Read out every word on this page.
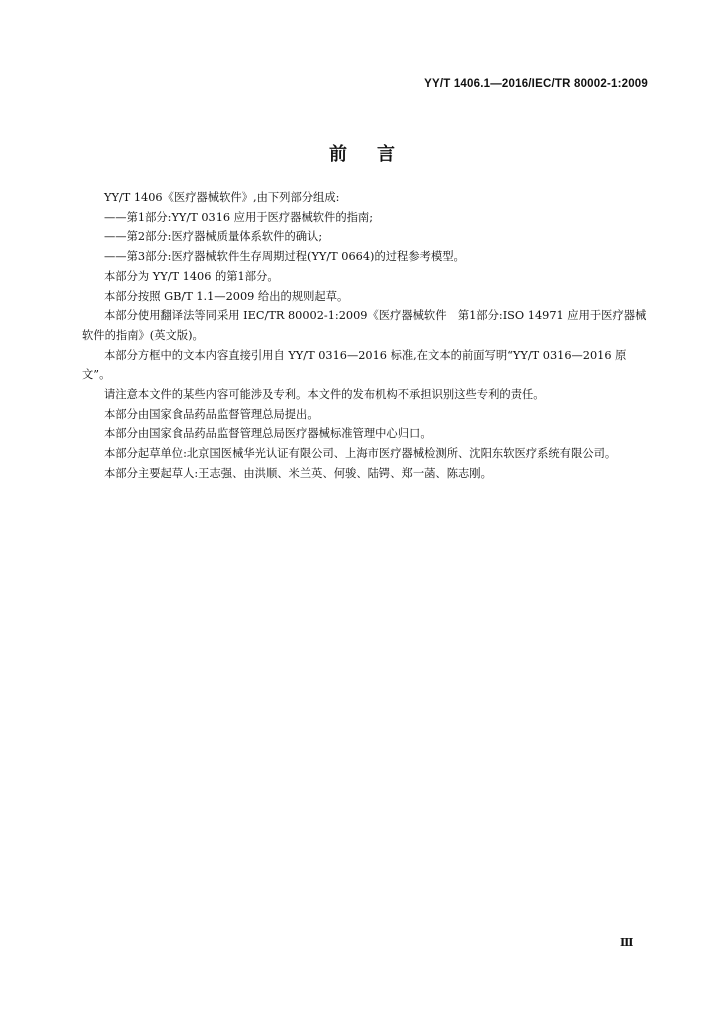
YY/T 1406.1—2016/IEC/TR 80002-1:2009
前言

YY/T 1406《医疗器械软件》,由下列部分组成:

——第1部分:YY/T 0316 应用于医疗器械软件的指南;

——第2部分:医疗器械质量体系软件的确认;

——第3部分:医疗器械软件生存周期过程(YY/T 0664)的过程参考模型。

本部分为 YY/T 1406 的第1部分。

本部分按照 GB/T 1.1—2009 给出的规则起草。

本部分使用翻译法等同采用 IEC/TR 80002-1:2009《医疗器械软件　第1部分:ISO 14971 应用于医疗器械软件的指南》(英文版)。

本部分方框中的文本内容直接引用自 YY/T 0316—2016 标准,在文本的前面写明“YY/T 0316—2016 原文”。

请注意本文件的某些内容可能涉及专利。本文件的发布机构不承担识别这些专利的责任。

本部分由国家食品药品监督管理总局提出。

本部分由国家食品药品监督管理总局医疗器械标准管理中心归口。

本部分起草单位:北京国医械华光认证有限公司、上海市医疗器械检测所、沈阳东软医疗系统有限公司。

本部分主要起草人:王志强、由洪顺、米兰英、何骏、陆锷、郑一菡、陈志刚。

Ⅲ
